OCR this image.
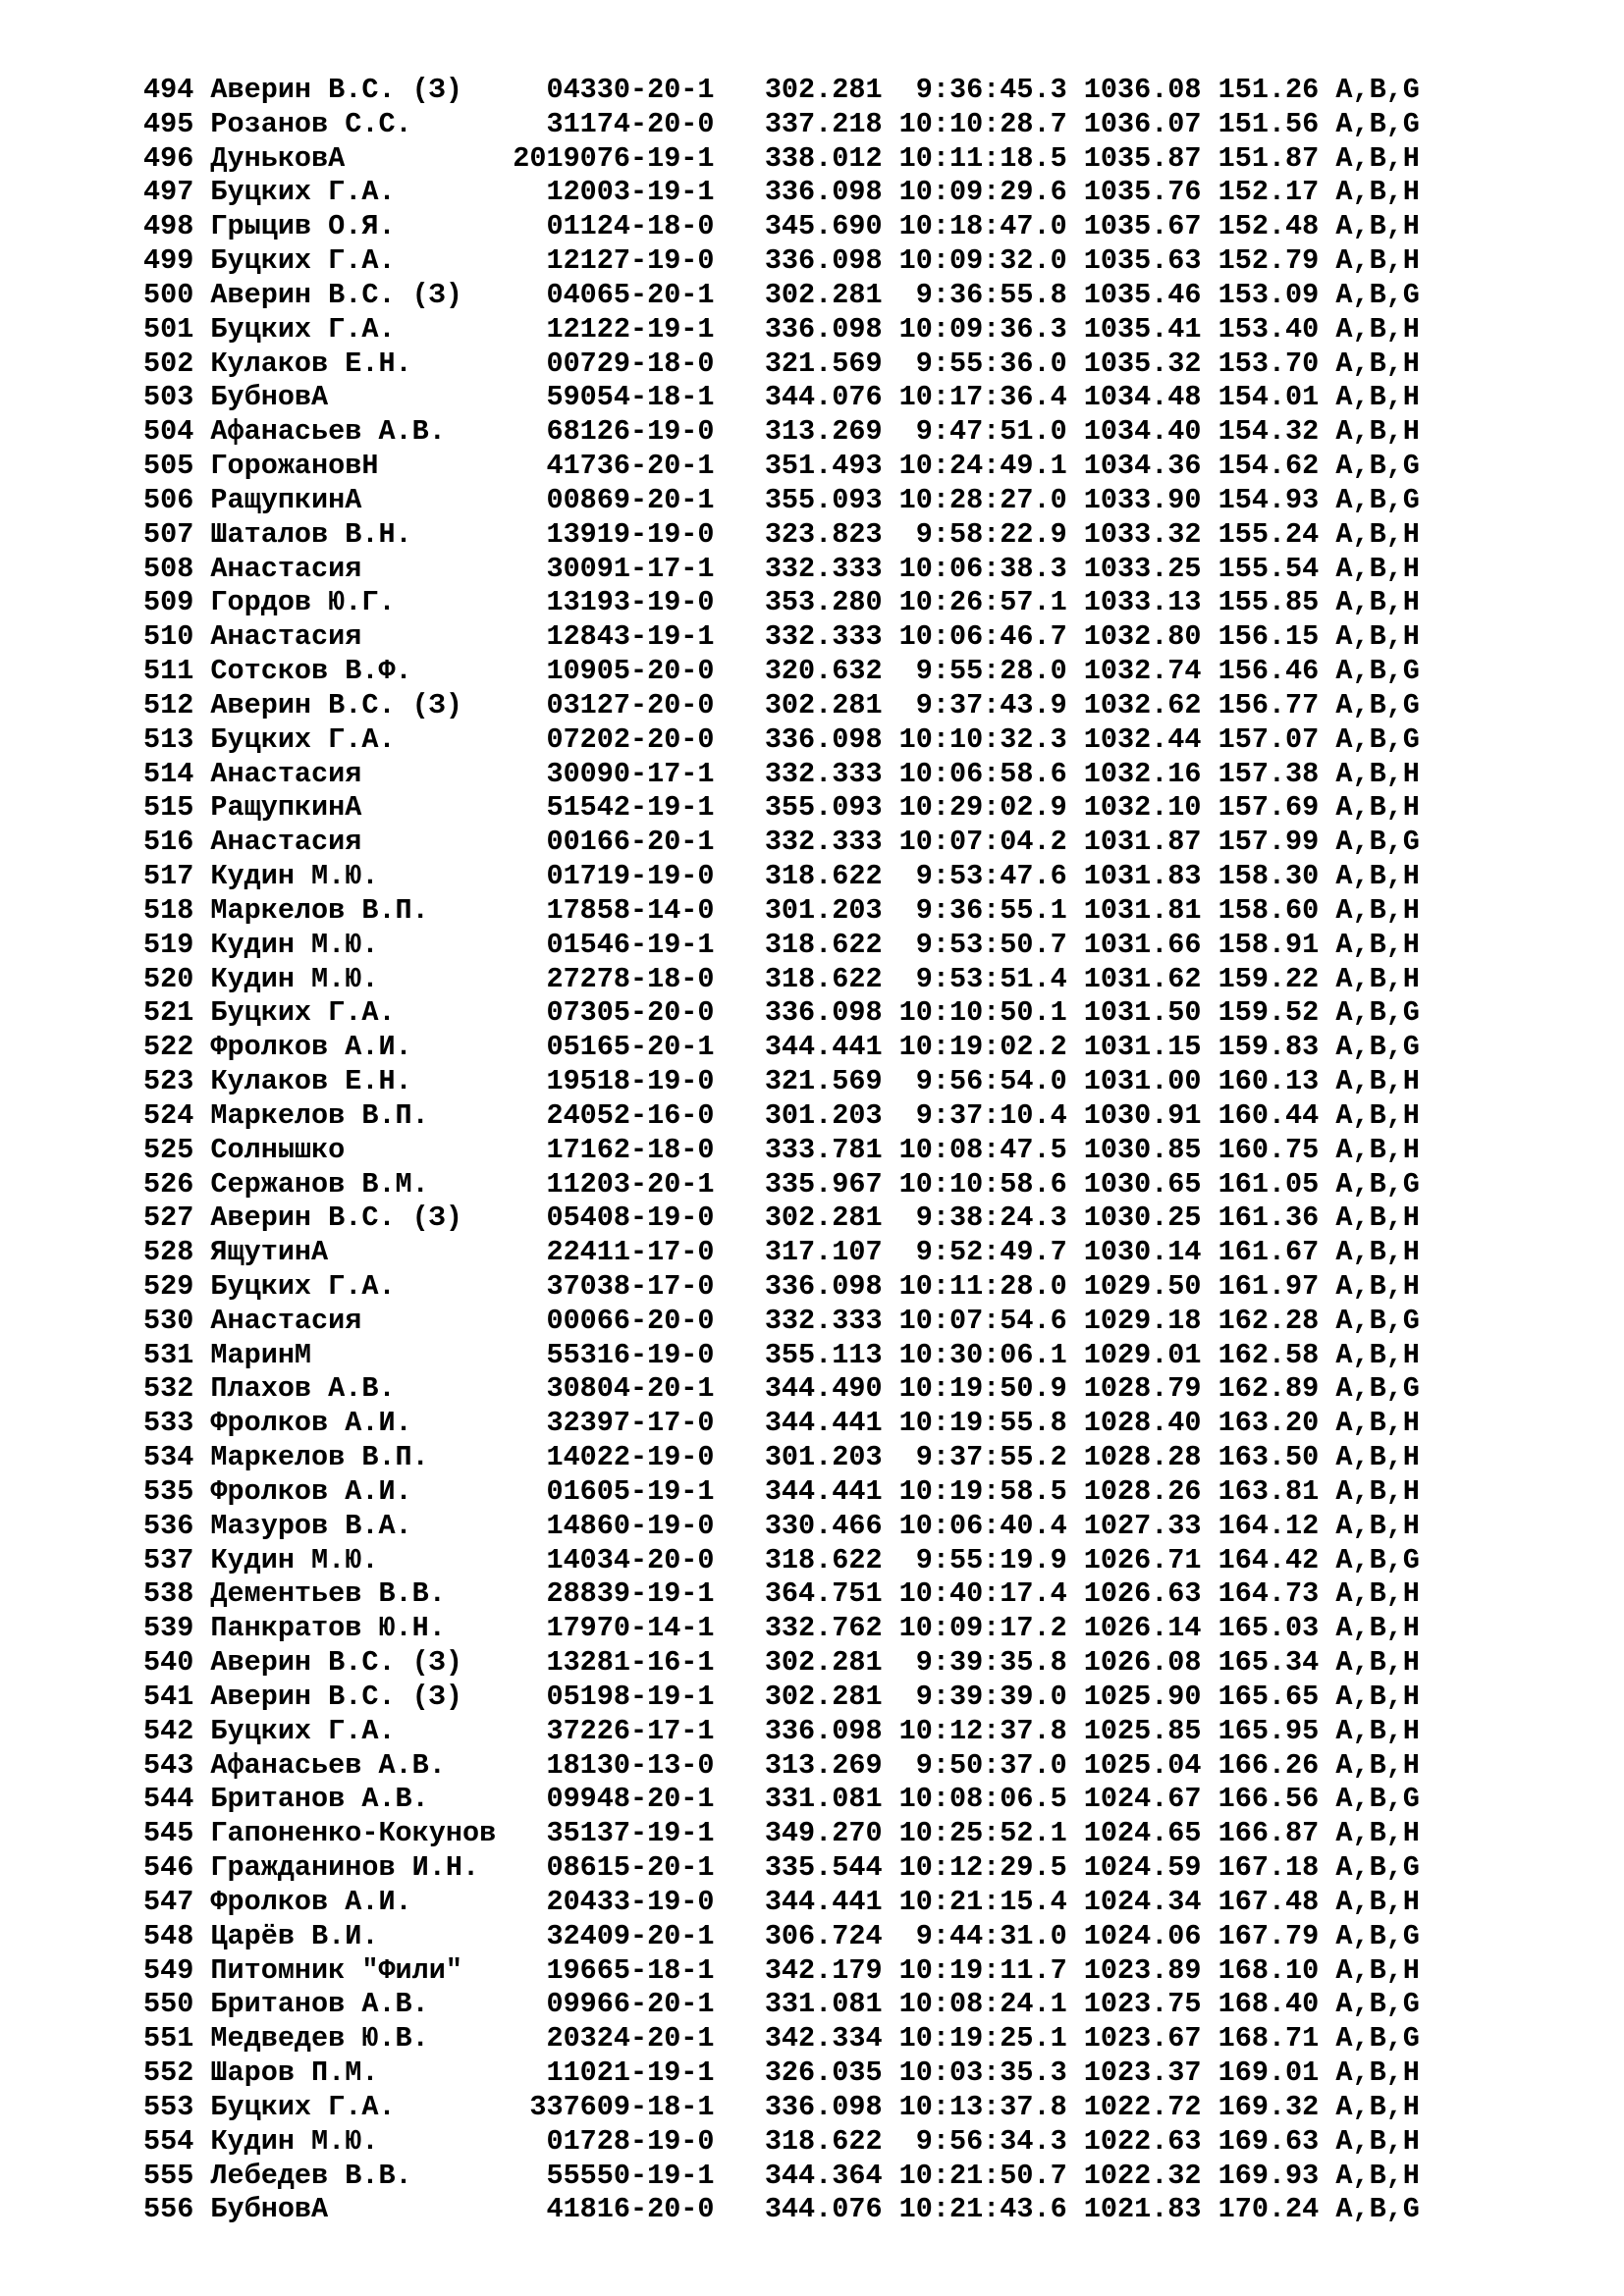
494 Аверин В.С. (З)     04330-20-1   302.281  9:36:45.3 1036.08 151.26 A,B,G
495 Розанов С.С.        31174-20-0   337.218 10:10:28.7 1036.07 151.56 A,B,G
496 ДуньковА          2019076-19-1   338.012 10:11:18.5 1035.87 151.87 A,B,H
497 Буцких Г.А.         12003-19-1   336.098 10:09:29.6 1035.76 152.17 A,B,H
498 Грыцив О.Я.         01124-18-0   345.690 10:18:47.0 1035.67 152.48 A,B,H
499 Буцких Г.А.         12127-19-0   336.098 10:09:32.0 1035.63 152.79 A,B,H
500 Аверин В.С. (З)     04065-20-1   302.281  9:36:55.8 1035.46 153.09 A,B,G
501 Буцких Г.А.         12122-19-1   336.098 10:09:36.3 1035.41 153.40 A,B,H
502 Кулаков Е.Н.        00729-18-0   321.569  9:55:36.0 1035.32 153.70 A,B,H
503 БубновА             59054-18-1   344.076 10:17:36.4 1034.48 154.01 A,B,H
504 Афанасьев А.В.      68126-19-0   313.269  9:47:51.0 1034.40 154.32 A,B,H
505 ГорожановН          41736-20-1   351.493 10:24:49.1 1034.36 154.62 A,B,G
506 РащупкинА           00869-20-1   355.093 10:28:27.0 1033.90 154.93 A,B,G
507 Шаталов В.Н.        13919-19-0   323.823  9:58:22.9 1033.32 155.24 A,B,H
508 Анастасия           30091-17-1   332.333 10:06:38.3 1033.25 155.54 A,B,H
509 Гордов Ю.Г.         13193-19-0   353.280 10:26:57.1 1033.13 155.85 A,B,H
510 Анастасия           12843-19-1   332.333 10:06:46.7 1032.80 156.15 A,B,H
511 Сотсков В.Ф.        10905-20-0   320.632  9:55:28.0 1032.74 156.46 A,B,G
512 Аверин В.С. (З)     03127-20-0   302.281  9:37:43.9 1032.62 156.77 A,B,G
513 Буцких Г.А.         07202-20-0   336.098 10:10:32.3 1032.44 157.07 A,B,G
514 Анастасия           30090-17-1   332.333 10:06:58.6 1032.16 157.38 A,B,H
515 РащупкинА           51542-19-1   355.093 10:29:02.9 1032.10 157.69 A,B,H
516 Анастасия           00166-20-1   332.333 10:07:04.2 1031.87 157.99 A,B,G
517 Кудин М.Ю.          01719-19-0   318.622  9:53:47.6 1031.83 158.30 A,B,H
518 Маркелов В.П.       17858-14-0   301.203  9:36:55.1 1031.81 158.60 A,B,H
519 Кудин М.Ю.          01546-19-1   318.622  9:53:50.7 1031.66 158.91 A,B,H
520 Кудин М.Ю.          27278-18-0   318.622  9:53:51.4 1031.62 159.22 A,B,H
521 Буцких Г.А.         07305-20-0   336.098 10:10:50.1 1031.50 159.52 A,B,G
522 Фролков А.И.        05165-20-1   344.441 10:19:02.2 1031.15 159.83 A,B,G
523 Кулаков Е.Н.        19518-19-0   321.569  9:56:54.0 1031.00 160.13 A,B,H
524 Маркелов В.П.       24052-16-0   301.203  9:37:10.4 1030.91 160.44 A,B,H
525 Солнышко            17162-18-0   333.781 10:08:47.5 1030.85 160.75 A,B,H
526 Сержанов В.М.       11203-20-1   335.967 10:10:58.6 1030.65 161.05 A,B,G
527 Аверин В.С. (З)     05408-19-0   302.281  9:38:24.3 1030.25 161.36 A,B,H
528 ЯщутинА             22411-17-0   317.107  9:52:49.7 1030.14 161.67 A,B,H
529 Буцких Г.А.         37038-17-0   336.098 10:11:28.0 1029.50 161.97 A,B,H
530 Анастасия           00066-20-0   332.333 10:07:54.6 1029.18 162.28 A,B,G
531 МаринМ              55316-19-0   355.113 10:30:06.1 1029.01 162.58 A,B,H
532 Плахов А.В.         30804-20-1   344.490 10:19:50.9 1028.79 162.89 A,B,G
533 Фролков А.И.        32397-17-0   344.441 10:19:55.8 1028.40 163.20 A,B,H
534 Маркелов В.П.       14022-19-0   301.203  9:37:55.2 1028.28 163.50 A,B,H
535 Фролков А.И.        01605-19-1   344.441 10:19:58.5 1028.26 163.81 A,B,H
536 Мазуров В.А.        14860-19-0   330.466 10:06:40.4 1027.33 164.12 A,B,H
537 Кудин М.Ю.          14034-20-0   318.622  9:55:19.9 1026.71 164.42 A,B,G
538 Дементьев В.В.      28839-19-1   364.751 10:40:17.4 1026.63 164.73 A,B,H
539 Панкратов Ю.Н.      17970-14-1   332.762 10:09:17.2 1026.14 165.03 A,B,H
540 Аверин В.С. (З)     13281-16-1   302.281  9:39:35.8 1026.08 165.34 A,B,H
541 Аверин В.С. (З)     05198-19-1   302.281  9:39:39.0 1025.90 165.65 A,B,H
542 Буцких Г.А.         37226-17-1   336.098 10:12:37.8 1025.85 165.95 A,B,H
543 Афанасьев А.В.      18130-13-0   313.269  9:50:37.0 1025.04 166.26 A,B,H
544 Британов А.В.       09948-20-1   331.081 10:08:06.5 1024.67 166.56 A,B,G
545 Гапоненко-Кокунов   35137-19-1   349.270 10:25:52.1 1024.65 166.87 A,B,H
546 Гражданинов И.Н.    08615-20-1   335.544 10:12:29.5 1024.59 167.18 A,B,G
547 Фролков А.И.        20433-19-0   344.441 10:21:15.4 1024.34 167.48 A,B,H
548 Царёв В.И.          32409-20-1   306.724  9:44:31.0 1024.06 167.79 A,B,G
549 Питомник "Фили"     19665-18-1   342.179 10:19:11.7 1023.89 168.10 A,B,H
550 Британов А.В.       09966-20-1   331.081 10:08:24.1 1023.75 168.40 A,B,G
551 Медведев Ю.В.       20324-20-1   342.334 10:19:25.1 1023.67 168.71 A,B,G
552 Шаров П.М.          11021-19-1   326.035 10:03:35.3 1023.37 169.01 A,B,H
553 Буцких Г.А.        337609-18-1   336.098 10:13:37.8 1022.72 169.32 A,B,H
554 Кудин М.Ю.          01728-19-0   318.622  9:56:34.3 1022.63 169.63 A,B,H
555 Лебедев В.В.        55550-19-1   344.364 10:21:50.7 1022.32 169.93 A,B,H
556 БубновА             41816-20-0   344.076 10:21:43.6 1021.83 170.24 A,B,G
